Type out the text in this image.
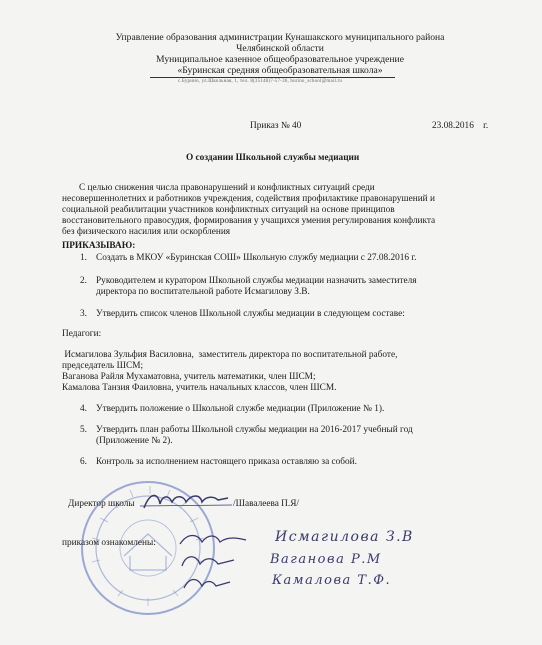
Управление образования администрации Кунашакского муниципального района
Челябинской области
Муниципальное казенное общеобразовательное учреждение
«Буринская средняя общеобразовательная школа»
с.Бурино, ул.Школьная, 1, тел. 8(35148)7-57-36, burino_school@mail.ru
Приказ № 40	23.08.2016    г.
О создании Школьной службы медиации
С целью снижения числа правонарушений и конфликтных ситуаций среди
несовершеннолетних и работников учреждения, содействия профилактике правонарушений и
социальной реабилитации участников конфликтных ситуаций на основе принципов
восстановительного правосудия, формирования у учащихся умения регулирования конфликта
без физического насилия или оскорбления
ПРИКАЗЫВАЮ:
1. Создать в МКОУ «Буринская СОШ» Школьную службу медиации с 27.08.2016 г.
2. Руководителем и куратором Школьной службы медиации назначить заместителя
директора по воспитательной работе Исмагилову З.В.
3. Утвердить список членов Школьной службы медиации в следующем составе:
Педагоги:
Исмагилова Зульфия Василовна,  заместитель директора по воспитательной работе,
председатель ШСМ;
Ваганова Райля Мухаматовна, учитель математики, член ШСМ;
Камалова Танзия Фаиловна, учитель начальных классов, член ШСМ.
4. Утвердить положение о Школьной службе медиации (Приложение № 1).
5. Утвердить план работы Школьной службы медиации на 2016-2017 учебный год
(Приложение № 2).
6. Контроль за исполнением настоящего приказа оставляю за собой.
Директор школы	/Шавалеева П.Я/
приказом ознакомлены:	Исмагилова З.В
Ваганова Р.М
Камалова Т.Ф.
